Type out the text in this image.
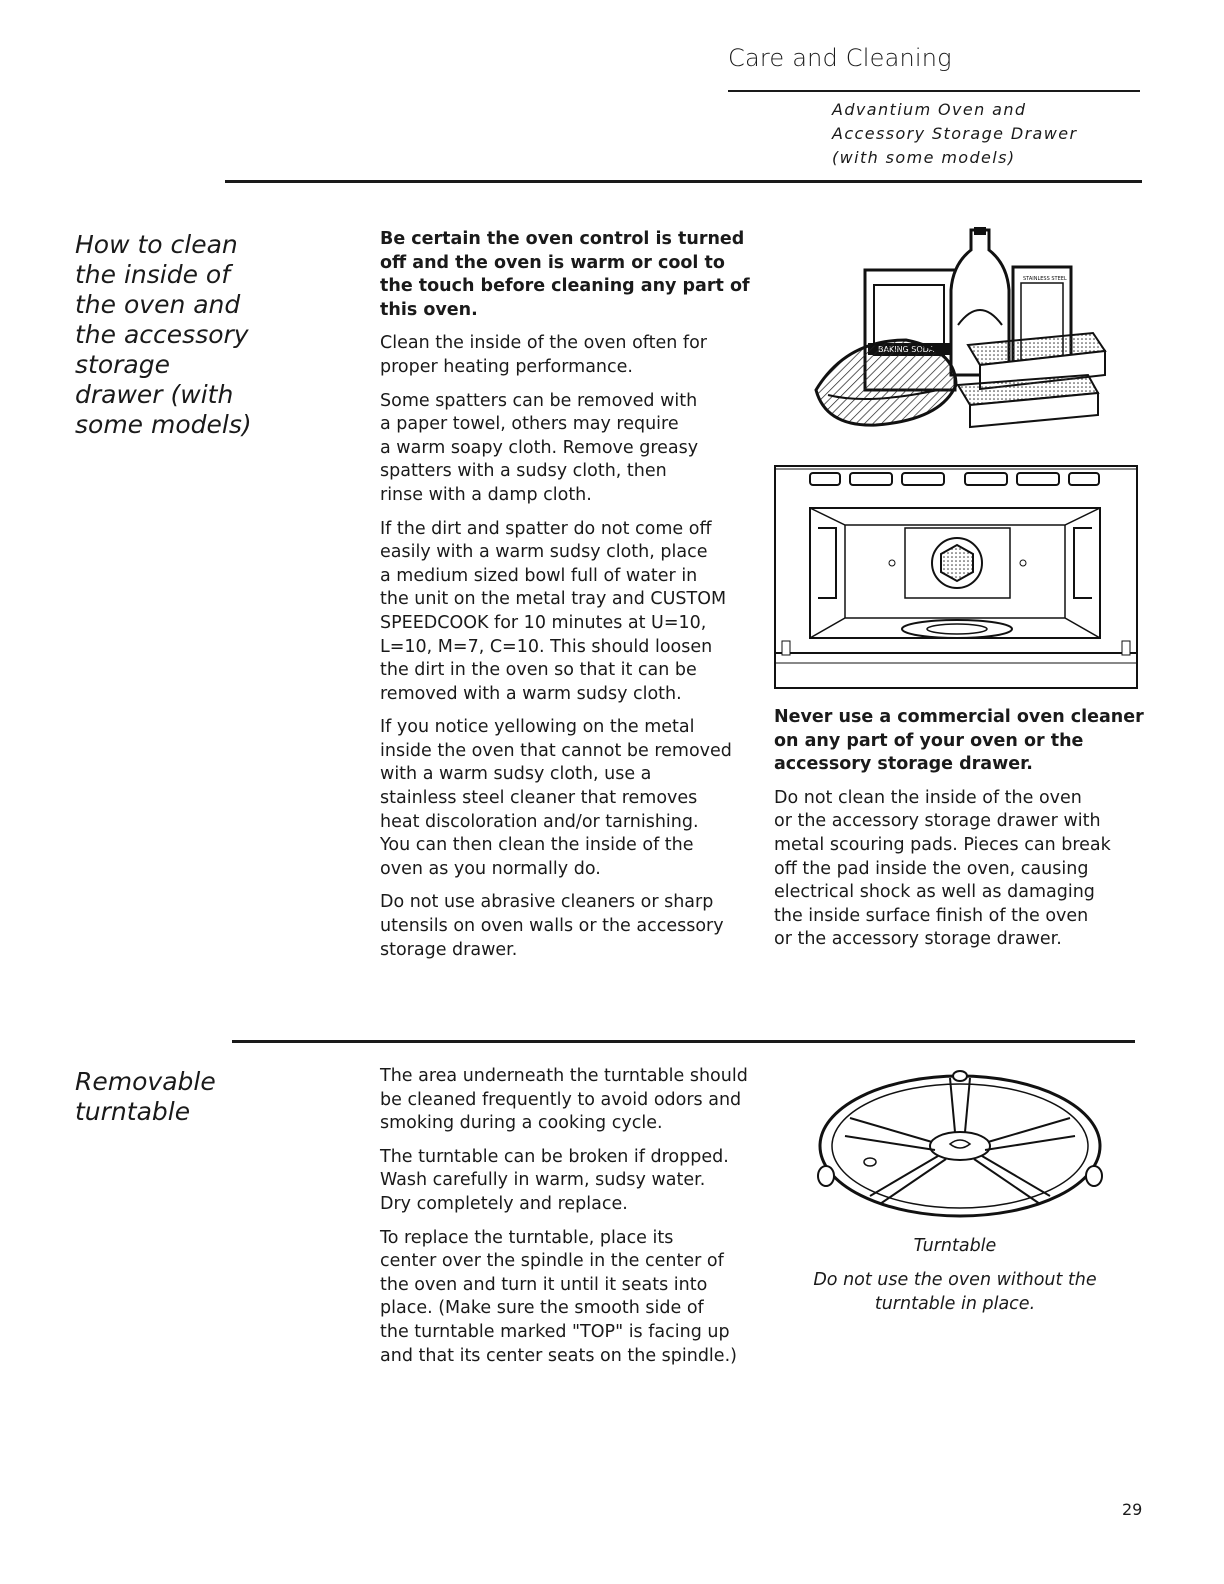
Care and Cleaning
Advantium Oven and
Accessory Storage Drawer
(with some models)
How to clean
the inside of
the oven and
the accessory
storage
drawer (with
some models)

Be certain the oven control is turned
off and the oven is warm or cool to
the touch before cleaning any part of
this oven.

Clean the inside of the oven often for
proper heating performance.

Some spatters can be removed with
a paper towel, others may require
a warm soapy cloth. Remove greasy
spatters with a sudsy cloth, then
rinse with a damp cloth.

If the dirt and spatter do not come off
easily with a warm sudsy cloth, place
a medium sized bowl full of water in
the unit on the metal tray and CUSTOM
SPEEDCOOK for 10 minutes at U=10,
L=10, M=7, C=10. This should loosen
the dirt in the oven so that it can be
removed with a warm sudsy cloth.

If you notice yellowing on the metal
inside the oven that cannot be removed
with a warm sudsy cloth, use a
stainless steel cleaner that removes
heat discoloration and/or tarnishing.
You can then clean the inside of the
oven as you normally do.

Do not use abrasive cleaners or sharp
utensils on oven walls or the accessory
storage drawer.

STAINLESS STEEL

Never use a commercial oven cleaner
on any part of your oven or the
accessory storage drawer.

Do not clean the inside of the oven
or the accessory storage drawer with
metal scouring pads. Pieces can break
off the pad inside the oven, causing
electrical shock as well as damaging
the inside surface finish of the oven
or the accessory storage drawer.

Removable
turntable

The area underneath the turntable should
be cleaned frequently to avoid odors and
smoking during a cooking cycle.

The turntable can be broken if dropped.
Wash carefully in warm, sudsy water.
Dry completely and replace.

To replace the turntable, place its
center over the spindle in the center of
the oven and turn it until it seats into
place. (Make sure the smooth side of
the turntable marked "TOP" is facing up
and that its center seats on the spindle.)

Turntable
Do not use the oven without the
turntable in place.
29
